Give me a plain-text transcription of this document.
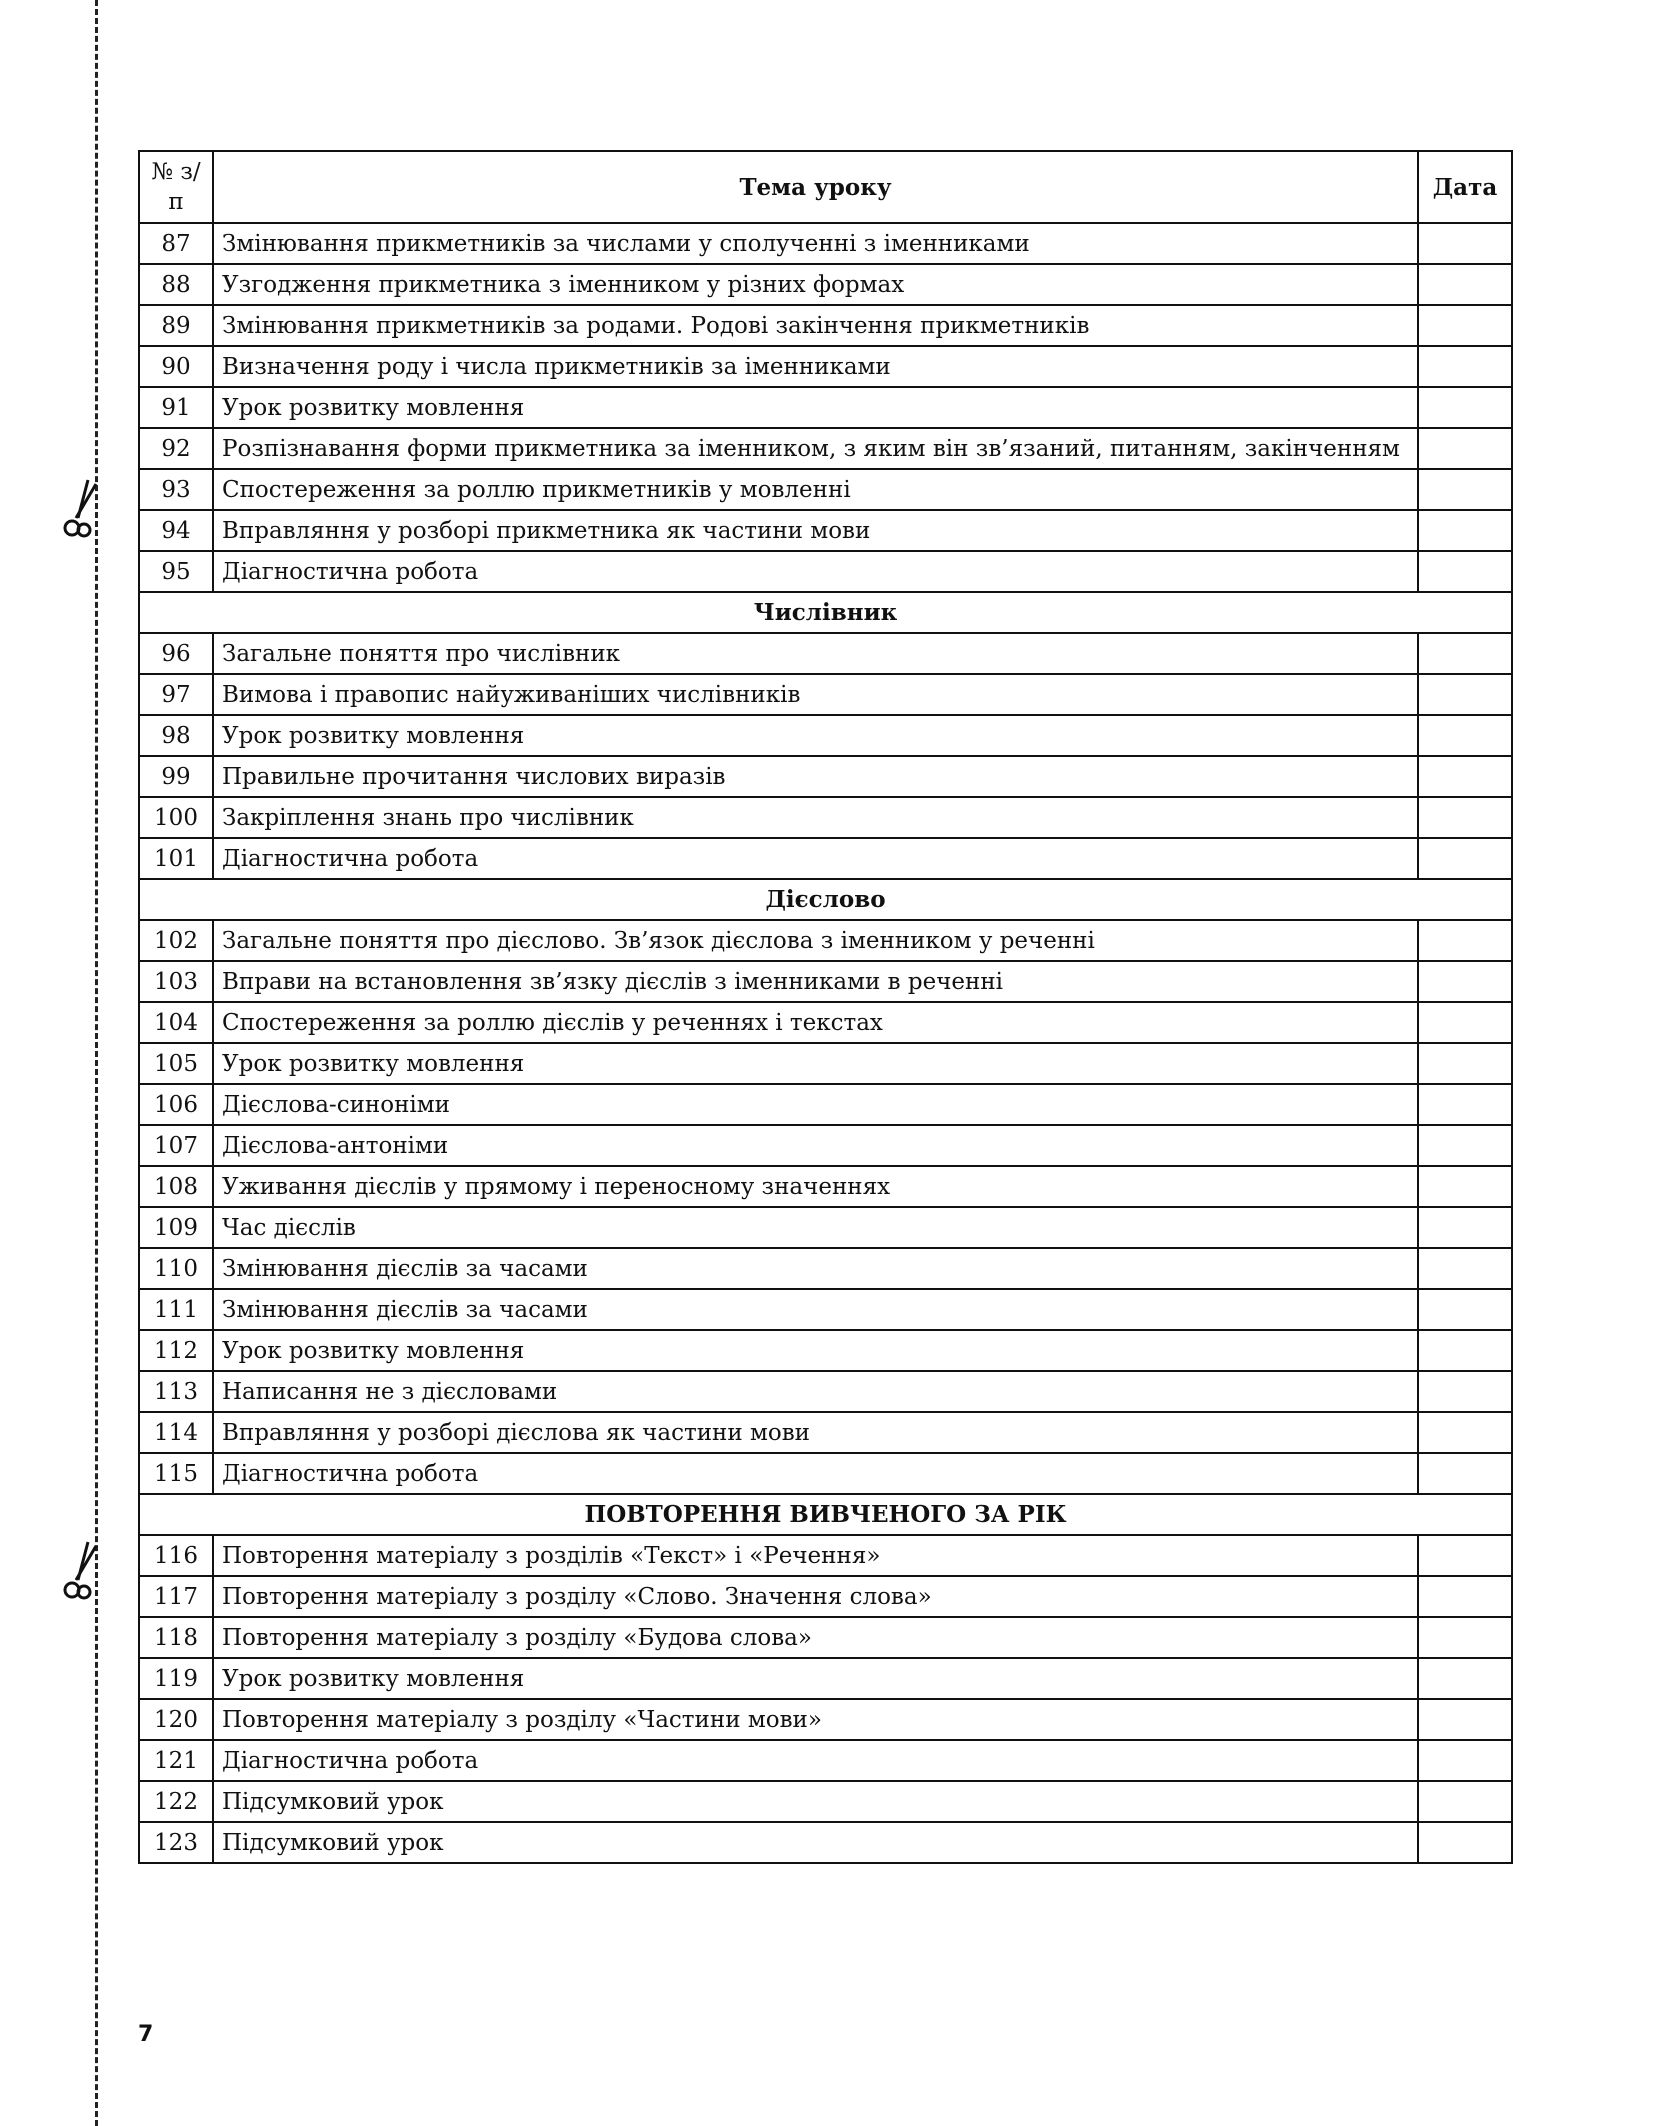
№ з/п	Тема уроку	Дата
87	Змінювання прикметників за числами у сполученні з іменниками	
88	Узгодження прикметника з іменником у різних формах	
89	Змінювання прикметників за родами. Родові закінчення прикметників	
90	Визначення роду і числа прикметників за іменниками	
91	Урок розвитку мовлення	
92	Розпізнавання форми прикметника за іменником, з яким він зв’язаний, питанням, закінченням	
93	Спостереження за роллю прикметників у мовленні	
94	Вправляння у розборі прикметника як частини мови	
95	Діагностична робота	
Числівник		
96	Загальне поняття про числівник	
97	Вимова і правопис найуживаніших числівників	
98	Урок розвитку мовлення	
99	Правильне прочитання числових виразів	
100	Закріплення знань про числівник	
101	Діагностична робота	
Дієслово		
102	Загальне поняття про дієслово. Зв’язок дієслова з іменником у реченні	
103	Вправи на встановлення зв’язку дієслів з іменниками в реченні	
104	Спостереження за роллю дієслів у реченнях і текстах	
105	Урок розвитку мовлення	
106	Дієслова-синоніми	
107	Дієслова-антоніми	
108	Уживання дієслів у прямому і переносному значеннях	
109	Час дієслів	
110	Змінювання дієслів за часами	
111	Змінювання дієслів за часами	
112	Урок розвитку мовлення	
113	Написання не з дієсловами	
114	Вправляння у розборі дієслова як частини мови	
115	Діагностична робота	
ПОВТОРЕННЯ ВИВЧЕНОГО ЗА РІК		
116	Повторення матеріалу з розділів «Текст» і «Речення»	
117	Повторення матеріалу з розділу «Слово. Значення слова»	
118	Повторення матеріалу з розділу «Будова слова»	
119	Урок розвитку мовлення	
120	Повторення матеріалу з розділу «Частини мови»	
121	Діагностична робота	
122	Підсумковий урок	
123	Підсумковий урок	
7
